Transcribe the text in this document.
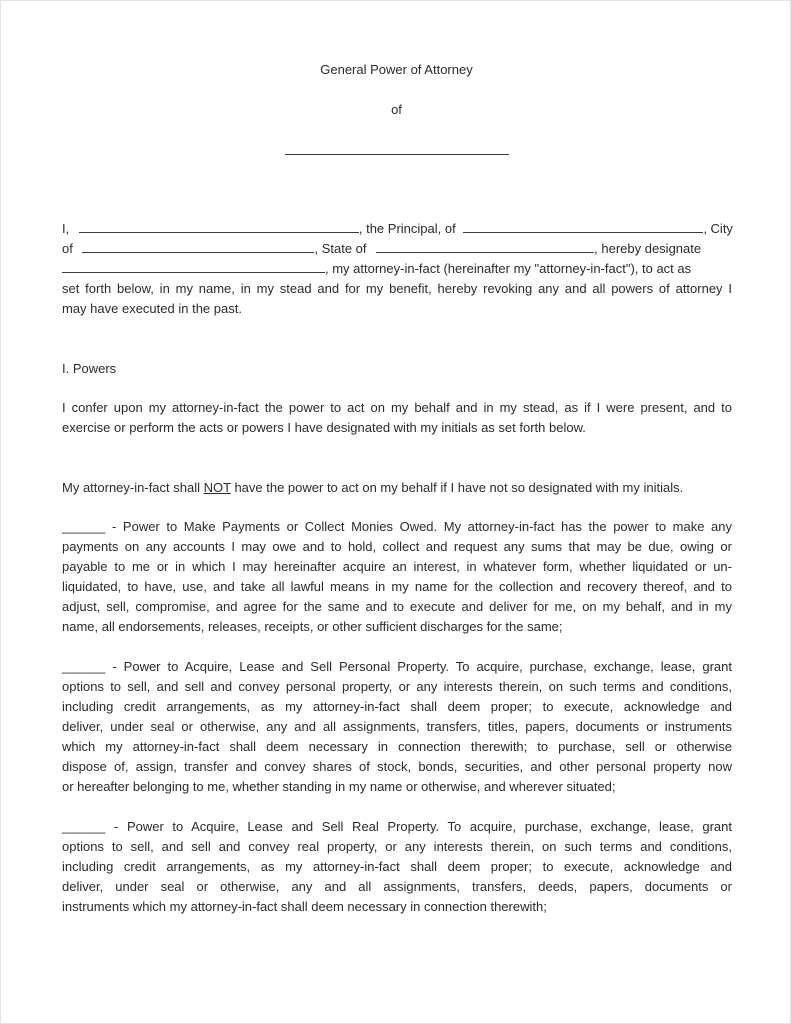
General Power of Attorney
of
I,	, the Principal, of	, City
of	, State of	, hereby designate
, my attorney-in-fact (hereinafter my "attorney-in-fact"), to act as
set forth below, in my name, in my stead and for my benefit, hereby revoking any and all powers of attorney I
may have executed in the past.
I. Powers
I confer upon my attorney-in-fact the power to act on my behalf and in my stead, as if I were present, and to
exercise or perform the acts or powers I have designated with my initials as set forth below.
My attorney-in-fact shall NOT have the power to act on my behalf if I have not so designated with my initials.
______ - Power to Make Payments or Collect Monies Owed. My attorney-in-fact has the power to make any
payments on any accounts I may owe and to hold, collect and request any sums that may be due, owing or
payable to me or in which I may hereinafter acquire an interest, in whatever form, whether liquidated or un-
liquidated, to have, use, and take all lawful means in my name for the collection and recovery thereof, and to
adjust, sell, compromise, and agree for the same and to execute and deliver for me, on my behalf, and in my
name, all endorsements, releases, receipts, or other sufficient discharges for the same;
______ - Power to Acquire, Lease and Sell Personal Property. To acquire, purchase, exchange, lease, grant
options to sell, and sell and convey personal property, or any interests therein, on such terms and conditions,
including credit arrangements, as my attorney-in-fact shall deem proper; to execute, acknowledge and
deliver, under seal or otherwise, any and all assignments, transfers, titles, papers, documents or instruments
which my attorney-in-fact shall deem necessary in connection therewith; to purchase, sell or otherwise
dispose of, assign, transfer and convey shares of stock, bonds, securities, and other personal property now
or hereafter belonging to me, whether standing in my name or otherwise, and wherever situated;
______ - Power to Acquire, Lease and Sell Real Property. To acquire, purchase, exchange, lease, grant
options to sell, and sell and convey real property, or any interests therein, on such terms and conditions,
including credit arrangements, as my attorney-in-fact shall deem proper; to execute, acknowledge and
deliver, under seal or otherwise, any and all assignments, transfers, deeds, papers, documents or
instruments which my attorney-in-fact shall deem necessary in connection therewith;
